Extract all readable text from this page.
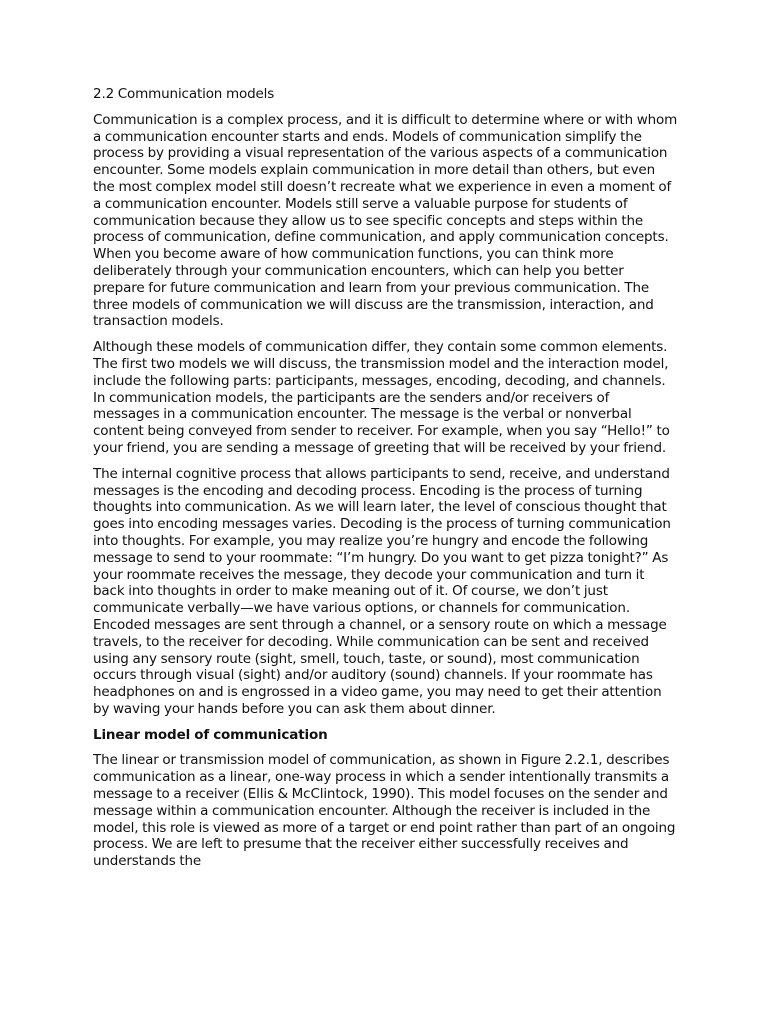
2.2 Communication models

Communication is a complex process, and it is difficult to determine where or with whom a communication encounter starts and ends. Models of communication simplify the process by providing a visual representation of the various aspects of a communication encounter. Some models explain communication in more detail than others, but even the most complex model still doesn’t recreate what we experience in even a moment of a communication encounter. Models still serve a valuable purpose for students of communication because they allow us to see specific concepts and steps within the process of communication, define communication, and apply communication concepts. When you become aware of how communication functions, you can think more deliberately through your communication encounters, which can help you better prepare for future communication and learn from your previous communication. The three models of communication we will discuss are the transmission, interaction, and transaction models.

Although these models of communication differ, they contain some common elements. The first two models we will discuss, the transmission model and the interaction model, include the following parts: participants, messages, encoding, decoding, and channels. In communication models, the participants are the senders and/or receivers of messages in a communication encounter. The message is the verbal or nonverbal content being conveyed from sender to receiver. For example, when you say “Hello!” to your friend, you are sending a message of greeting that will be received by your friend.

The internal cognitive process that allows participants to send, receive, and understand messages is the encoding and decoding process. Encoding is the process of turning thoughts into communication. As we will learn later, the level of conscious thought that goes into encoding messages varies. Decoding is the process of turning communication into thoughts. For example, you may realize you’re hungry and encode the following message to send to your roommate: “I’m hungry. Do you want to get pizza tonight?” As your roommate receives the message, they decode your communication and turn it back into thoughts in order to make meaning out of it. Of course, we don’t just communicate verbally—we have various options, or channels for communication. Encoded messages are sent through a channel, or a sensory route on which a message travels, to the receiver for decoding. While communication can be sent and received using any sensory route (sight, smell, touch, taste, or sound), most communication occurs through visual (sight) and/or auditory (sound) channels. If your roommate has headphones on and is engrossed in a video game, you may need to get their attention by waving your hands before you can ask them about dinner.

Linear model of communication

The linear or transmission model of communication, as shown in Figure 2.2.1, describes communication as a linear, one-way process in which a sender intentionally transmits a message to a receiver (Ellis & McClintock, 1990). This model focuses on the sender and message within a communication encounter. Although the receiver is included in the model, this role is viewed as more of a target or end point rather than part of an ongoing process. We are left to presume that the receiver either successfully receives and understands the
